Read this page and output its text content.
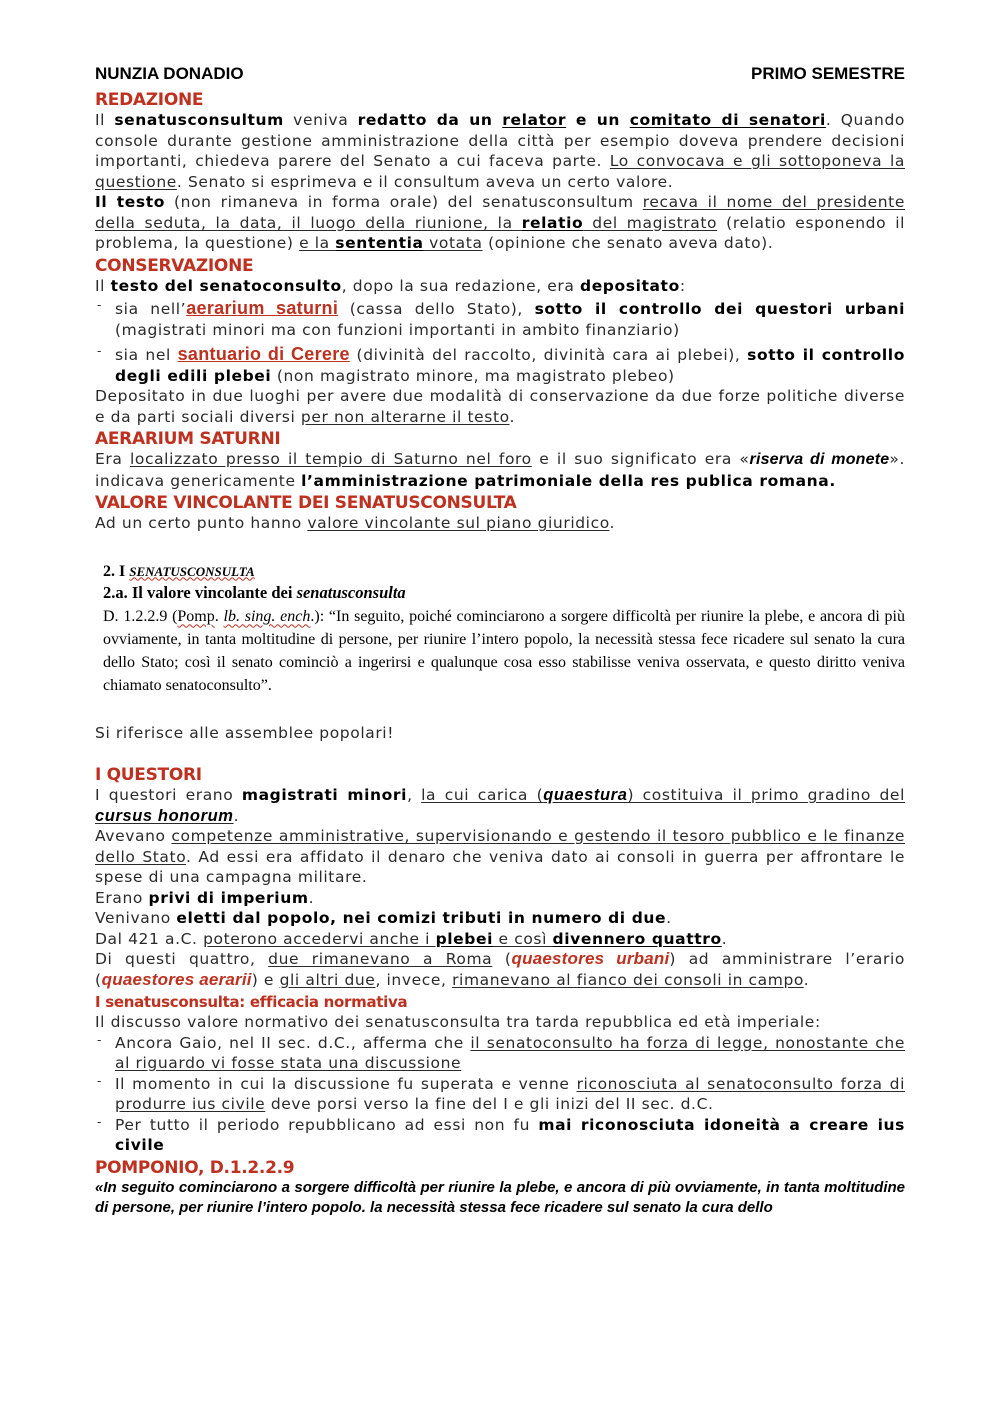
NUNZIA DONADIO	PRIMO SEMESTRE
REDAZIONE

Il senatusconsultum veniva redatto da un relator e un comitato di senatori. Quando console durante gestione amministrazione della città per esempio doveva prendere decisioni importanti, chiedeva parere del Senato a cui faceva parte. Lo convocava e gli sottoponeva la questione. Senato si esprimeva e il consultum aveva un certo valore.

Il testo (non rimaneva in forma orale) del senatusconsultum recava il nome del presidente della seduta, la data, il luogo della riunione, la relatio del magistrato (relatio esponendo il problema, la questione) e la sententia votata (opinione che senato aveva dato).

CONSERVAZIONE

Il testo del senatoconsulto, dopo la sua redazione, era depositato:

- sia nell’aerarium saturni (cassa dello Stato), sotto il controllo dei questori urbani (magistrati minori ma con funzioni importanti in ambito finanziario)
- sia nel santuario di Cerere (divinità del raccolto, divinità cara ai plebei), sotto il controllo degli edili plebei (non magistrato minore, ma magistrato plebeo)

Depositato in due luoghi per avere due modalità di conservazione da due forze politiche diverse e da parti sociali diversi per non alterarne il testo.

AERARIUM SATURNI

Era localizzato presso il tempio di Saturno nel foro e il suo significato era «riserva di monete». indicava genericamente l’amministrazione patrimoniale della res publica romana.

VALORE VINCOLANTE DEI SENATUSCONSULTA

Ad un certo punto hanno valore vincolante sul piano giuridico.

2. I SENATUSCONSULTA
2.a. Il valore vincolante dei senatusconsulta
D. 1.2.2.9 (Pomp. lb. sing. ench.): “In seguito, poiché cominciarono a sorgere difficoltà per riunire la plebe, e ancora di più ovviamente, in tanta moltitudine di persone, per riunire l’intero popolo, la necessità stessa fece ricadere sul senato la cura dello Stato; così il senato cominciò a ingerirsi e qualunque cosa esso stabilisse veniva osservata, e questo diritto veniva chiamato senatoconsulto”.

Si riferisce alle assemblee popolari!

I QUESTORI

I questori erano magistrati minori, la cui carica (quaestura) costituiva il primo gradino del cursus honorum.

Avevano competenze amministrative, supervisionando e gestendo il tesoro pubblico e le finanze dello Stato. Ad essi era affidato il denaro che veniva dato ai consoli in guerra per affrontare le spese di una campagna militare.

Erano privi di imperium.

Venivano eletti dal popolo, nei comizi tributi in numero di due.

Dal 421 a.C. poterono accedervi anche i plebei e così divennero quattro.

Di questi quattro, due rimanevano a Roma (quaestores urbani) ad amministrare l’erario (quaestores aerarii) e gli altri due, invece, rimanevano al fianco dei consoli in campo.

I senatusconsulta: efficacia normativa

Il discusso valore normativo dei senatusconsulta tra tarda repubblica ed età imperiale:

- Ancora Gaio, nel II sec. d.C., afferma che il senatoconsulto ha forza di legge, nonostante che al riguardo vi fosse stata una discussione
- Il momento in cui la discussione fu superata e venne riconosciuta al senatoconsulto forza di produrre ius civile deve porsi verso la fine del I e gli inizi del II sec. d.C.
- Per tutto il periodo repubblicano ad essi non fu mai riconosciuta idoneità a creare ius civile
POMPONIO, D.1.2.2.9

«In seguito cominciarono a sorgere difficoltà per riunire la plebe, e ancora di più ovviamente, in tanta moltitudine di persone, per riunire l’intero popolo. la necessità stessa fece ricadere sul senato la cura dello
